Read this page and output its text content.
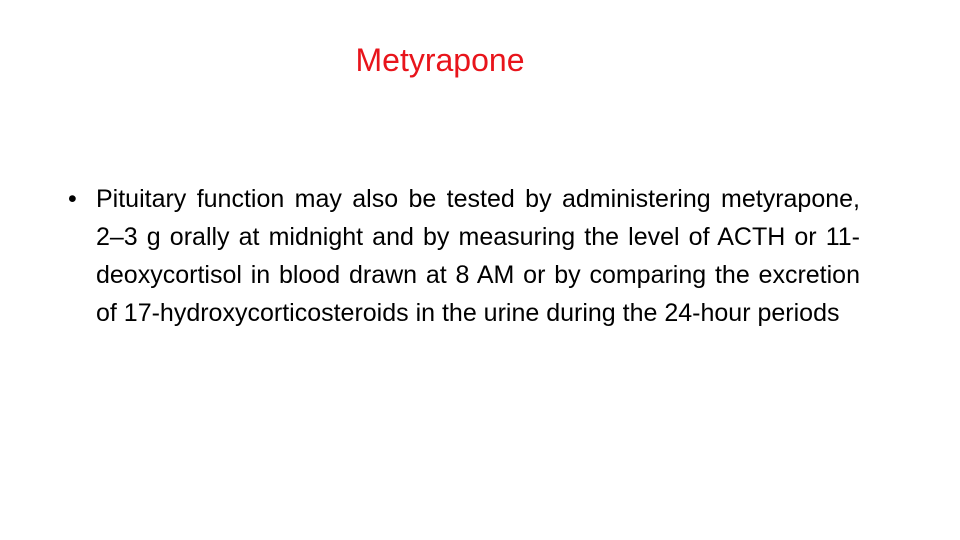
Metyrapone
• Pituitary function may also be tested by administering metyrapone, 2–3 g orally at midnight and by measuring the level of ACTH or 11-deoxycortisol in blood drawn at 8 AM or by comparing the excretion of 17-hydroxycorticosteroids in the urine during the 24-hour periods
